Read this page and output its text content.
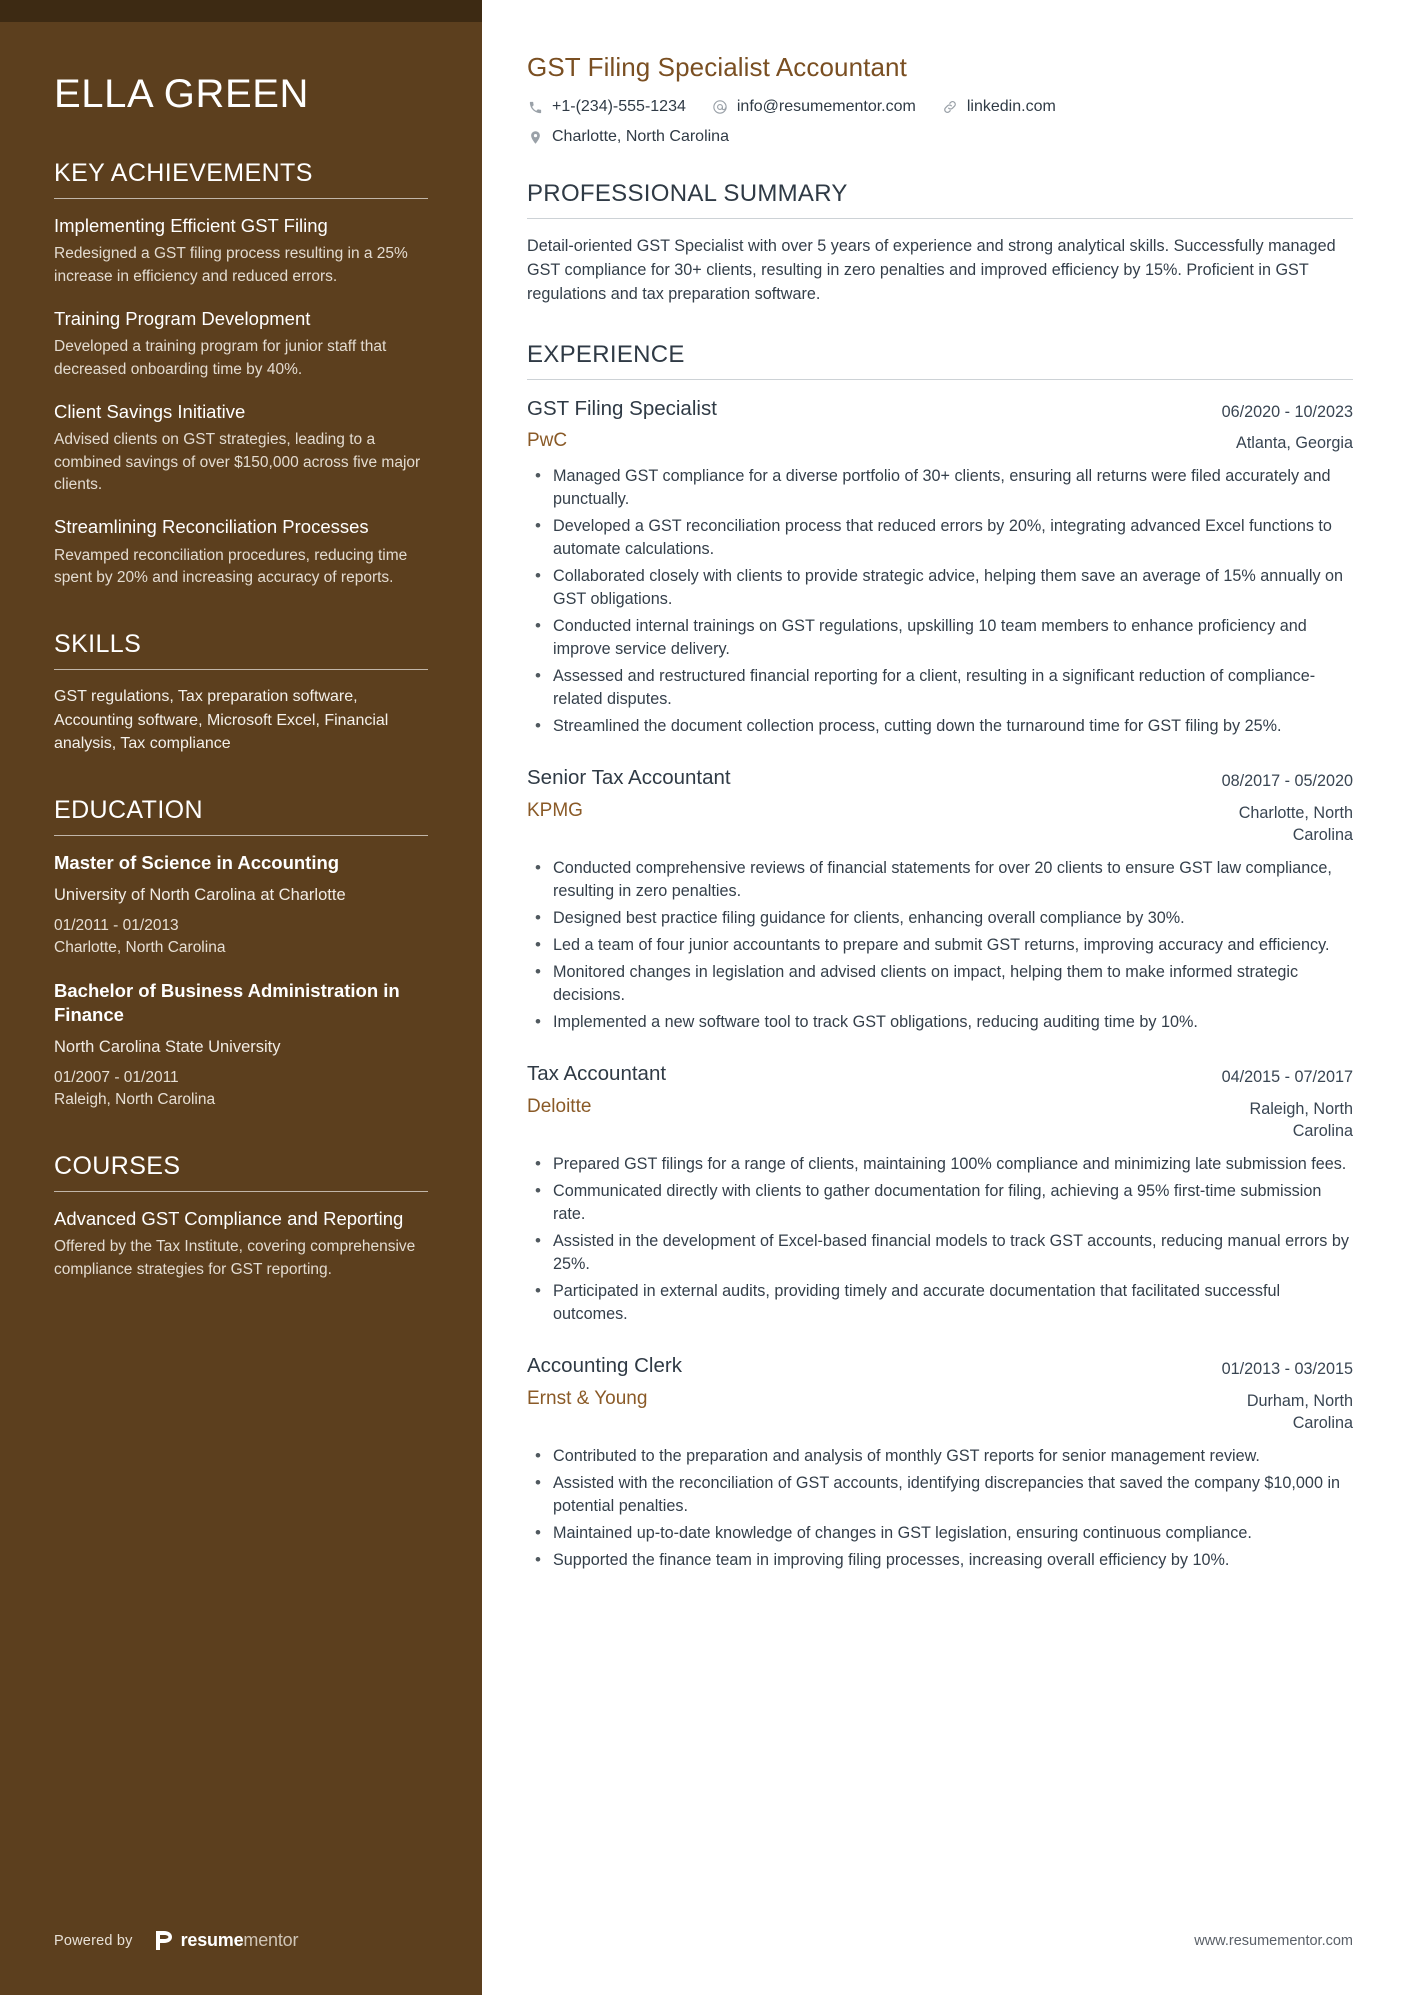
ELLA GREEN
KEY ACHIEVEMENTS
Implementing Efficient GST Filing
Redesigned a GST filing process resulting in a 25% increase in efficiency and reduced errors.
Training Program Development
Developed a training program for junior staff that decreased onboarding time by 40%.
Client Savings Initiative
Advised clients on GST strategies, leading to a combined savings of over $150,000 across five major clients.
Streamlining Reconciliation Processes
Revamped reconciliation procedures, reducing time spent by 20% and increasing accuracy of reports.
SKILLS
GST regulations, Tax preparation software, Accounting software, Microsoft Excel, Financial analysis, Tax compliance
EDUCATION
Master of Science in Accounting
University of North Carolina at Charlotte
01/2011 - 01/2013
Charlotte, North Carolina
Bachelor of Business Administration in Finance
North Carolina State University
01/2007 - 01/2011
Raleigh, North Carolina
COURSES
Advanced GST Compliance and Reporting
Offered by the Tax Institute, covering comprehensive compliance strategies for GST reporting.
Powered by	resumementor
GST Filing Specialist Accountant
+1-(234)-555-1234	info@resumementor.com	linkedin.com
Charlotte, North Carolina
PROFESSIONAL SUMMARY

Detail-oriented GST Specialist with over 5 years of experience and strong analytical skills. Successfully managed GST compliance for 30+ clients, resulting in zero penalties and improved efficiency by 15%. Proficient in GST regulations and tax preparation software.

EXPERIENCE
GST Filing Specialist	06/2020 - 10/2023
PwC	Atlanta, Georgia
• Managed GST compliance for a diverse portfolio of 30+ clients, ensuring all returns were filed accurately and punctually.
• Developed a GST reconciliation process that reduced errors by 20%, integrating advanced Excel functions to automate calculations.
• Collaborated closely with clients to provide strategic advice, helping them save an average of 15% annually on GST obligations.
• Conducted internal trainings on GST regulations, upskilling 10 team members to enhance proficiency and improve service delivery.
• Assessed and restructured financial reporting for a client, resulting in a significant reduction of compliance-related disputes.
• Streamlined the document collection process, cutting down the turnaround time for GST filing by 25%.
Senior Tax Accountant	08/2017 - 05/2020
KPMG	Charlotte, North Carolina
• Conducted comprehensive reviews of financial statements for over 20 clients to ensure GST law compliance, resulting in zero penalties.
• Designed best practice filing guidance for clients, enhancing overall compliance by 30%.
• Led a team of four junior accountants to prepare and submit GST returns, improving accuracy and efficiency.
• Monitored changes in legislation and advised clients on impact, helping them to make informed strategic decisions.
• Implemented a new software tool to track GST obligations, reducing auditing time by 10%.
Tax Accountant	04/2015 - 07/2017
Deloitte	Raleigh, North Carolina
• Prepared GST filings for a range of clients, maintaining 100% compliance and minimizing late submission fees.
• Communicated directly with clients to gather documentation for filing, achieving a 95% first-time submission rate.
• Assisted in the development of Excel-based financial models to track GST accounts, reducing manual errors by 25%.
• Participated in external audits, providing timely and accurate documentation that facilitated successful outcomes.
Accounting Clerk	01/2013 - 03/2015
Ernst & Young	Durham, North Carolina
• Contributed to the preparation and analysis of monthly GST reports for senior management review.
• Assisted with the reconciliation of GST accounts, identifying discrepancies that saved the company $10,000 in potential penalties.
• Maintained up-to-date knowledge of changes in GST legislation, ensuring continuous compliance.
• Supported the finance team in improving filing processes, increasing overall efficiency by 10%.
www.resumementor.com
